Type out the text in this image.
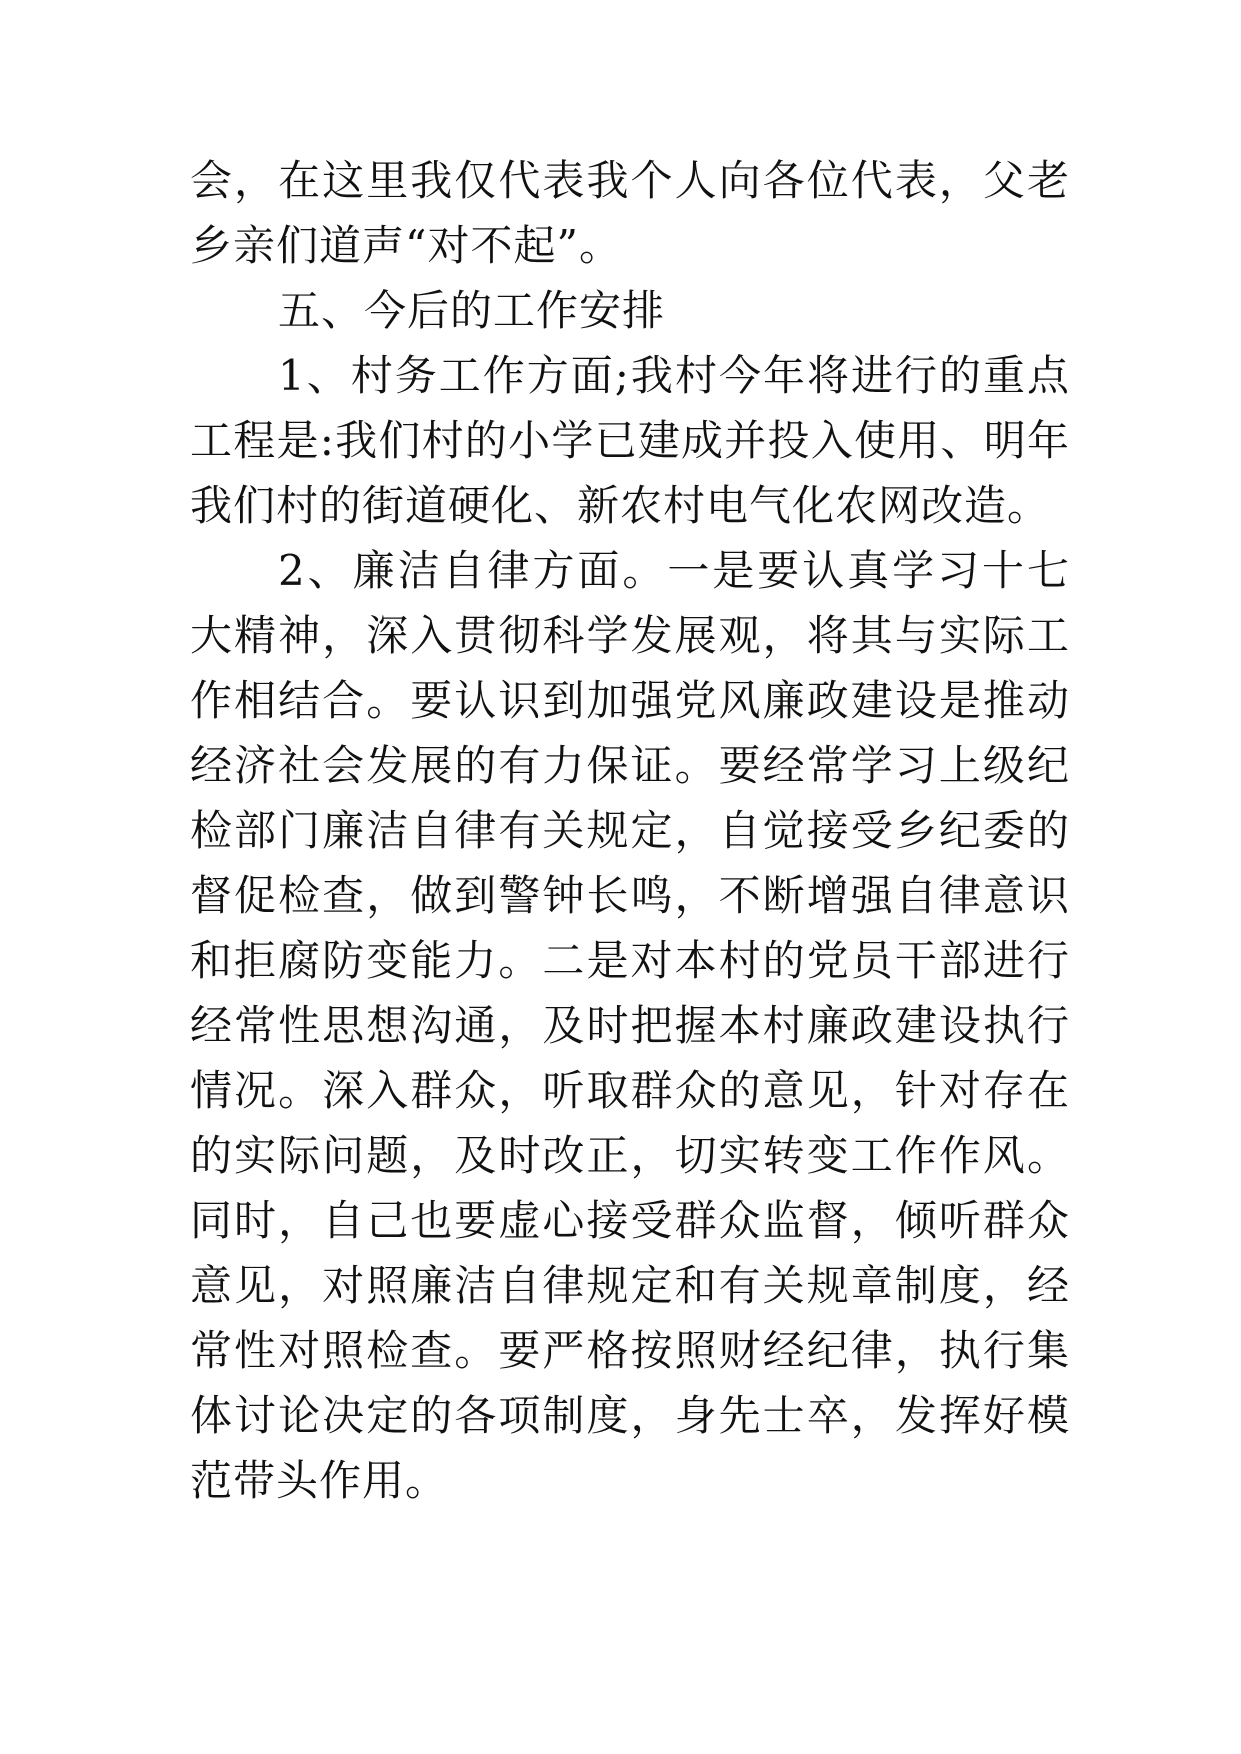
会，在这里我仅代表我个人向各位代表，父老乡亲们道声“对不起”。

五、今后的工作安排

1、村务工作方面;我村今年将进行的重点工程是:我们村的小学已建成并投入使用、明年我们村的街道硬化、新农村电气化农网改造。

2、廉洁自律方面。一是要认真学习十七大精神，深入贯彻科学发展观，将其与实际工作相结合。要认识到加强党风廉政建设是推动经济社会发展的有力保证。要经常学习上级纪检部门廉洁自律有关规定，自觉接受乡纪委的督促检查，做到警钟长鸣，不断增强自律意识和拒腐防变能力。二是对本村的党员干部进行经常性思想沟通，及时把握本村廉政建设执行情况。深入群众，听取群众的意见，针对存在的实际问题，及时改正，切实转变工作作风。同时，自己也要虚心接受群众监督，倾听群众意见，对照廉洁自律规定和有关规章制度，经常性对照检查。要严格按照财经纪律，执行集体讨论决定的各项制度，身先士卒，发挥好模范带头作用。
